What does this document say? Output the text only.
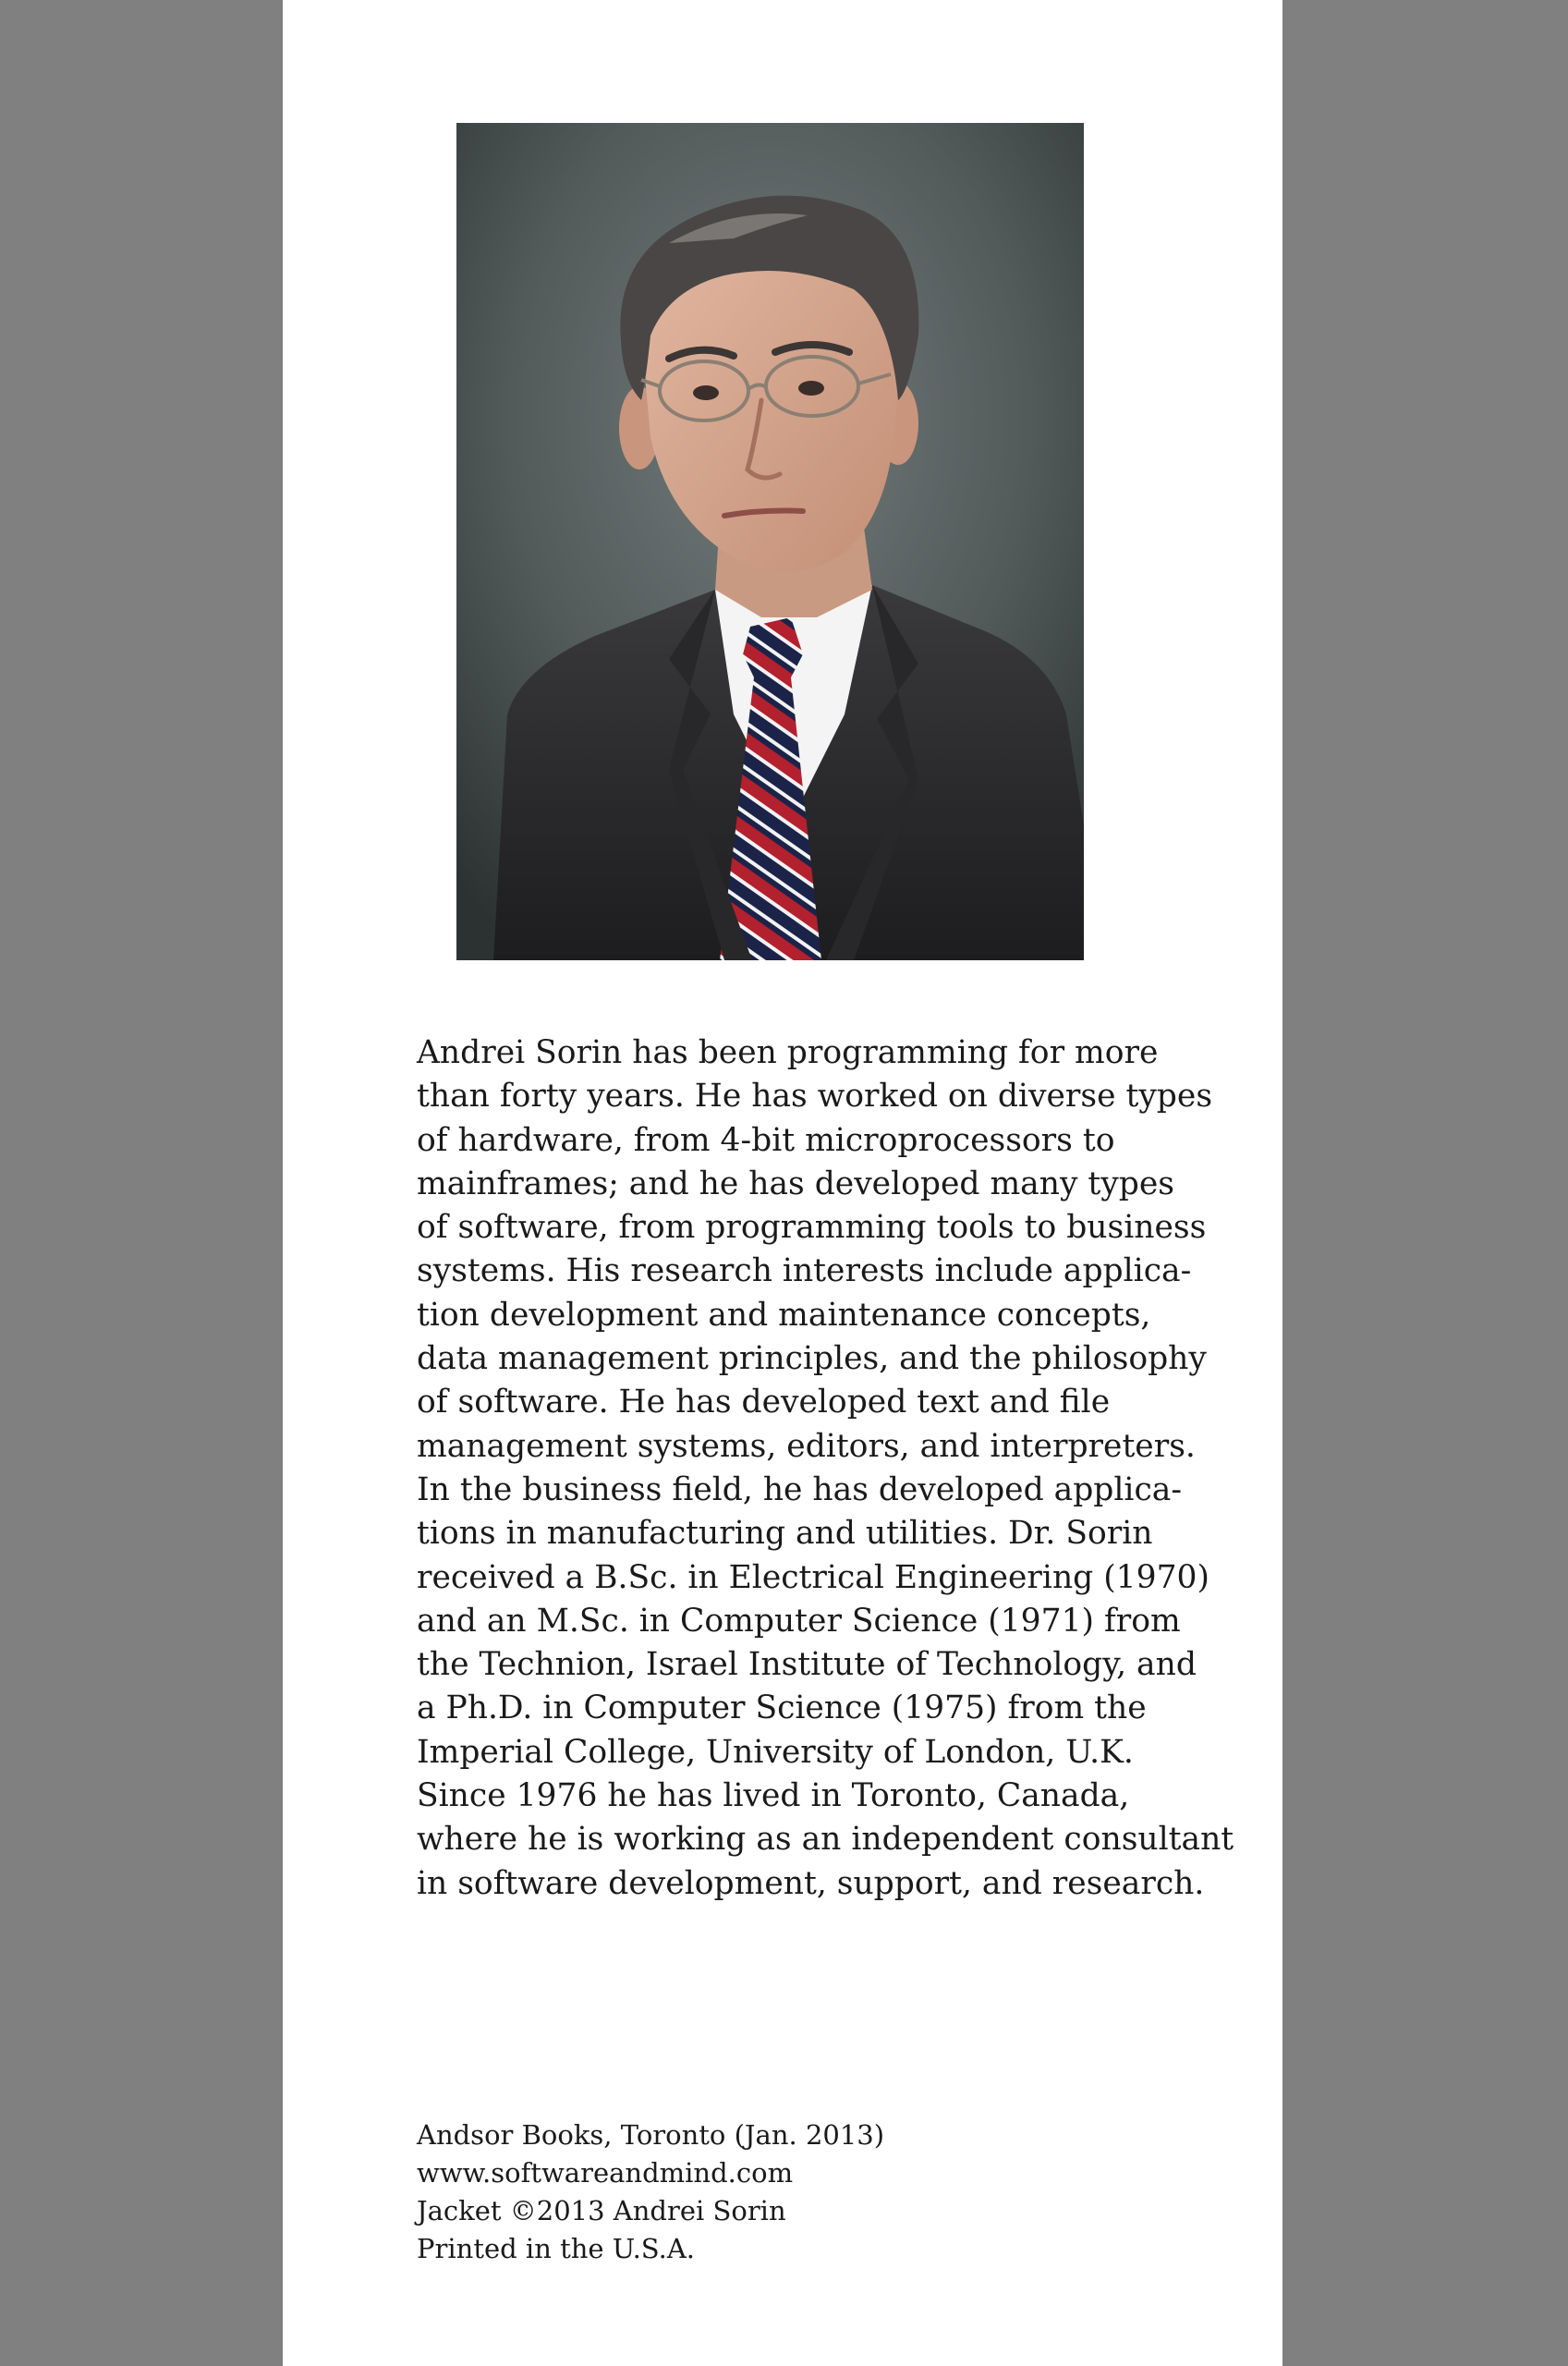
Andrei Sorin has been programming for more
than forty years. He has worked on diverse types
of hardware, from 4-bit microprocessors to
mainframes; and he has developed many types
of software, from programming tools to business
systems. His research interests include applica-
tion development and maintenance concepts,
data management principles, and the philosophy
of software. He has developed text and file
management systems, editors, and interpreters.
In the business field, he has developed applica-
tions in manufacturing and utilities. Dr. Sorin
received a B.Sc. in Electrical Engineering (1970)
and an M.Sc. in Computer Science (1971) from
the Technion, Israel Institute of Technology, and
a Ph.D. in Computer Science (1975) from the
Imperial College, University of London, U.K.
Since 1976 he has lived in Toronto, Canada,
where he is working as an independent consultant
in software development, support, and research.

Andsor Books, Toronto (Jan. 2013)
www.softwareandmind.com
Jacket ©2013 Andrei Sorin
Printed in the U.S.A.
